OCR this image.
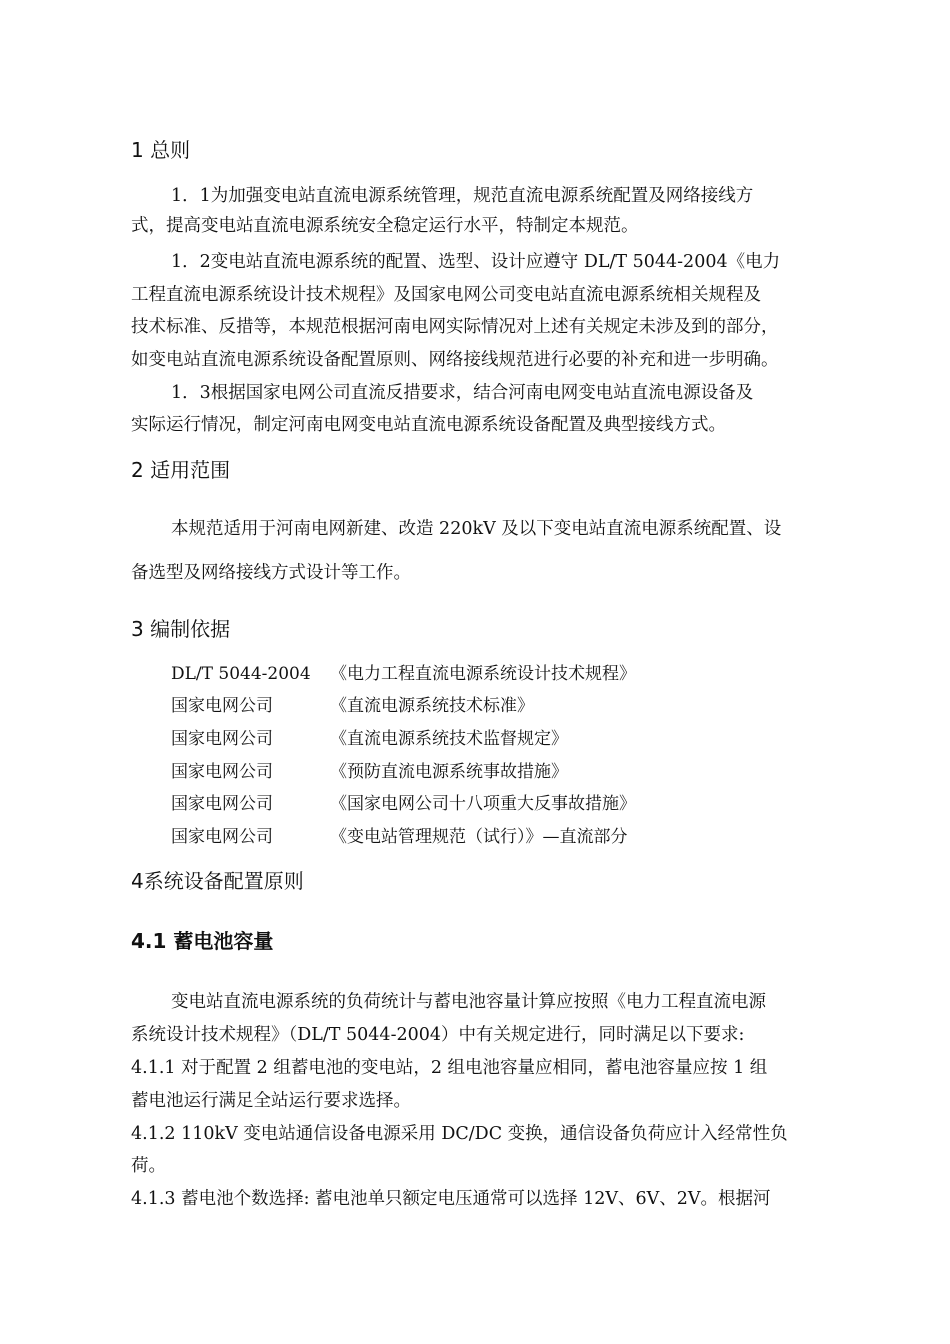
1 总则
1．1为加强变电站直流电源系统管理，规范直流电源系统配置及网络接线方
式，提高变电站直流电源系统安全稳定运行水平，特制定本规范。
1．2变电站直流电源系统的配置、选型、设计应遵守 DL/T 5044-2004《电力
工程直流电源系统设计技术规程》及国家电网公司变电站直流电源系统相关规程及
技术标准、反措等，本规范根据河南电网实际情况对上述有关规定未涉及到的部分，
如变电站直流电源系统设备配置原则、网络接线规范进行必要的补充和进一步明确。
1．3根据国家电网公司直流反措要求，结合河南电网变电站直流电源设备及
实际运行情况，制定河南电网变电站直流电源系统设备配置及典型接线方式。
2 适用范围
本规范适用于河南电网新建、改造 220kV 及以下变电站直流电源系统配置、设
备选型及网络接线方式设计等工作。
3 编制依据
DL/T 5044-2004 《电力工程直流电源系统设计技术规程》
国家电网公司	《直流电源系统技术标准》
国家电网公司	《直流电源系统技术监督规定》
国家电网公司	《预防直流电源系统事故措施》
国家电网公司	《国家电网公司十八项重大反事故措施》
国家电网公司	《变电站管理规范（试行）》—直流部分
4系统设备配置原则
4.1 蓄电池容量
变电站直流电源系统的负荷统计与蓄电池容量计算应按照《电力工程直流电源
系统设计技术规程》（DL/T 5044-2004）中有关规定进行，同时满足以下要求:
4.1.1 对于配置 2 组蓄电池的变电站，2 组电池容量应相同，蓄电池容量应按 1 组
蓄电池运行满足全站运行要求选择。
4.1.2 110kV 变电站通信设备电源采用 DC/DC 变换，通信设备负荷应计入经常性负
荷。
4.1.3 蓄电池个数选择: 蓄电池单只额定电压通常可以选择 12V、6V、2V。根据河
